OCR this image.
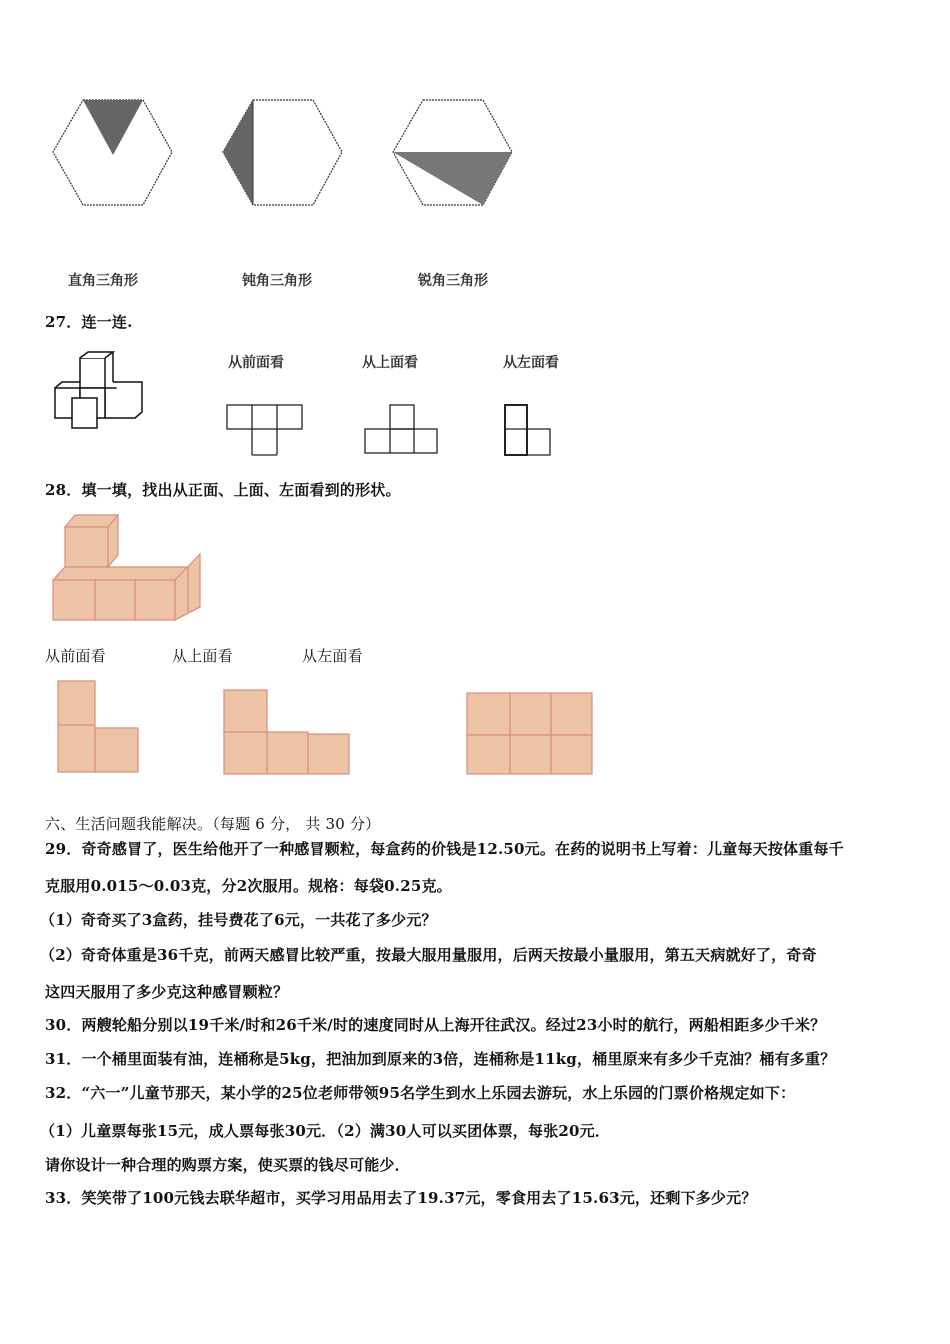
直角三角形	钝角三角形	锐角三角形
27．连一连.
从前面看	从上面看	从左面看
28．填一填，找出从正面、上面、左面看到的形状。
从前面看	从上面看	从左面看
六、生活问题我能解决。（每题 6 分， 共 30 分）
29．奇奇感冒了，医生给他开了一种感冒颗粒，每盒药的价钱是12.50元。在药的说明书上写着：儿童每天按体重每千
克服用0.015～0.03克，分2次服用。规格：每袋0.25克。
（1）奇奇买了3盒药，挂号费花了6元，一共花了多少元？
（2）奇奇体重是36千克，前两天感冒比较严重，按最大服用量服用，后两天按最小量服用，第五天病就好了，奇奇
这四天服用了多少克这种感冒颗粒？
30．两艘轮船分别以19千米/时和26千米/时的速度同时从上海开往武汉。经过23小时的航行，两船相距多少千米？
31．一个桶里面装有油，连桶称是5kg，把油加到原来的3倍，连桶称是11kg，桶里原来有多少千克油？桶有多重？
32．“六一”儿童节那天，某小学的25位老师带领95名学生到水上乐园去游玩，水上乐园的门票价格规定如下：
（1）儿童票每张15元，成人票每张30元．（2）满30人可以买团体票，每张20元．
请你设计一种合理的购票方案，使买票的钱尽可能少．
33．笑笑带了100元钱去联华超市，买学习用品用去了19.37元，零食用去了15.63元，还剩下多少元？
